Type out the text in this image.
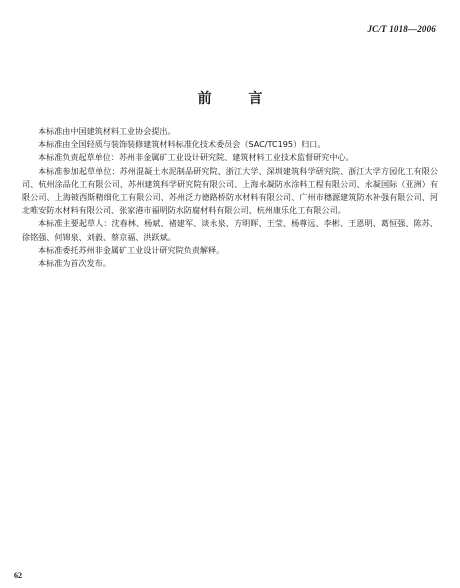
JC/T 1018—2006
前 言

本标准由中国建筑材料工业协会提出。

本标准由全国轻质与装饰装修建筑材料标准化技术委员会（SAC/TC195）归口。

本标准负责起草单位：苏州非金属矿工业设计研究院、建筑材料工业技术监督研究中心。

本标准参加起草单位：苏州混凝土水泥制品研究院、浙江大学、深圳建筑科学研究院、浙江大学方园化工有限公司、杭州涂品化工有限公司、苏州建筑科学研究院有限公司、上海永凝防水涂料工程有限公司、永凝国际（亚洲）有限公司、上海铍西斯精细化工有限公司、苏州泛力德路桥防水材料有限公司、广州市穗源建筑防水补强有限公司、河北唯安防水材料有限公司、张家港市福明防水防腐材料有限公司、杭州康乐化工有限公司。

本标准主要起草人：沈春林、杨斌、褚建军、谈永泉、方明晖、王莹、杨尊远、李彬、王恩明、葛恒强、陈苏、徐铭强、何锦泉、刘毅、蔡京福、洪跃斌。

本标准委托苏州非金属矿工业设计研究院负责解释。

本标准为首次发布。

62
